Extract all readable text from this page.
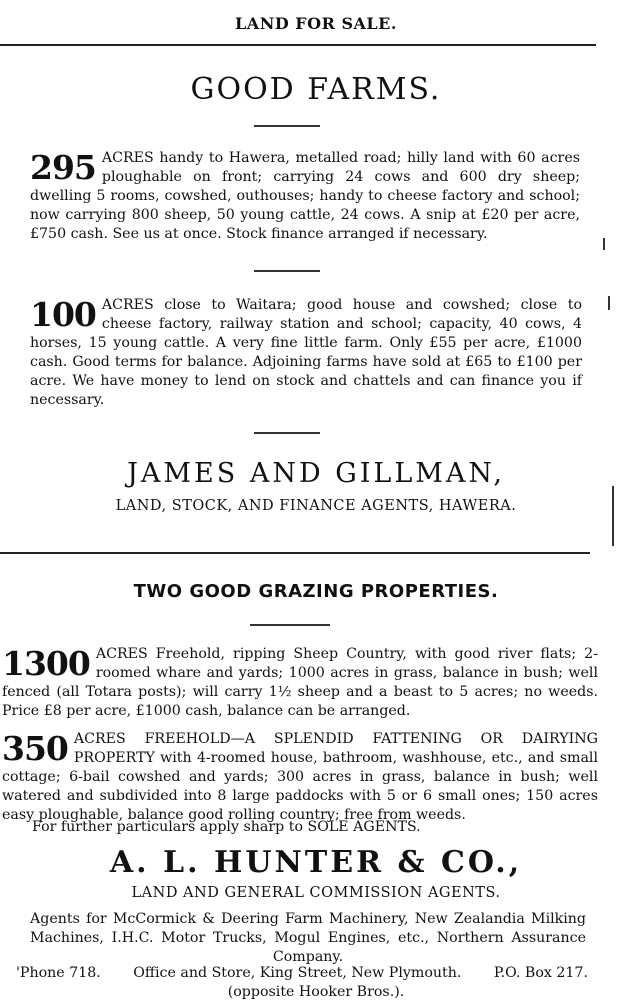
LAND FOR SALE.
GOOD FARMS.
295 ACRES handy to Hawera, metalled road; hilly land with 60 acres ploughable on front; carrying 24 cows and 600 dry sheep; dwelling 5 rooms, cowshed, outhouses; handy to cheese factory and school; now carrying 800 sheep, 50 young cattle, 24 cows. A snip at £20 per acre, £750 cash. See us at once. Stock finance arranged if necessary.
100 ACRES close to Waitara; good house and cowshed; close to cheese factory, railway station and school; capacity, 40 cows, 4 horses, 15 young cattle. A very fine little farm. Only £55 per acre, £1000 cash. Good terms for balance. Adjoining farms have sold at £65 to £100 per acre. We have money to lend on stock and chattels and can finance you if necessary.
JAMES AND GILLMAN,
LAND, STOCK, AND FINANCE AGENTS, HAWERA.
TWO GOOD GRAZING PROPERTIES.
1300 ACRES Freehold, ripping Sheep Country, with good river flats; 2-roomed whare and yards; 1000 acres in grass, balance in bush; well fenced (all Totara posts); will carry 1½ sheep and a beast to 5 acres; no weeds. Price £8 per acre, £1000 cash, balance can be arranged.
350 ACRES FREEHOLD—A SPLENDID FATTENING OR DAIRYING PROPERTY with 4-roomed house, bathroom, washhouse, etc., and small cottage; 6-bail cowshed and yards; 300 acres in grass, balance in bush; well watered and subdivided into 8 large paddocks with 5 or 6 small ones; 150 acres easy ploughable, balance good rolling country; free from weeds.
For further particulars apply sharp to SOLE AGENTS.
A. L. HUNTER & CO.,
LAND AND GENERAL COMMISSION AGENTS.
Agents for McCormick & Deering Farm Machinery, New Zealandia Milking Machines, I.H.C. Motor Trucks, Mogul Engines, etc., Northern Assurance Company.
'Phone 718. Office and Store, King Street, New Plymouth. P.O. Box 217.
(opposite Hooker Bros.).
